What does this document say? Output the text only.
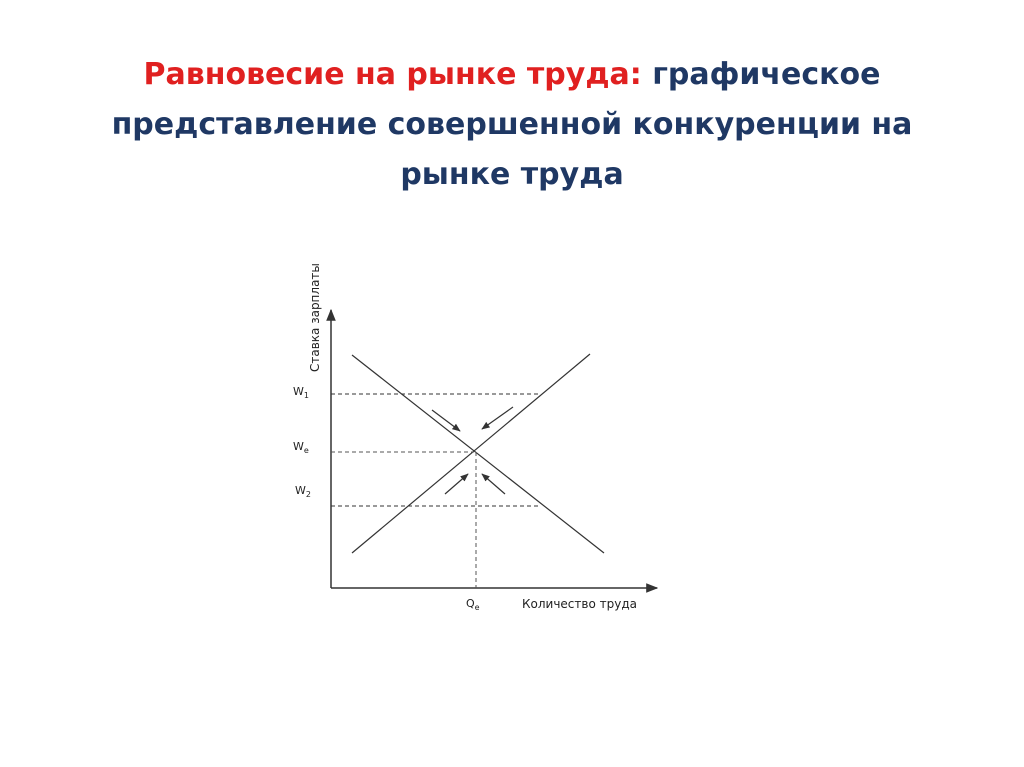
Равновесие на рынке труда: графическое представление совершенной конкуренции на рынке труда
Ставка зарплаты
Количество труда
$W_1$
$W_e$
$W_2$
$Q_e$
